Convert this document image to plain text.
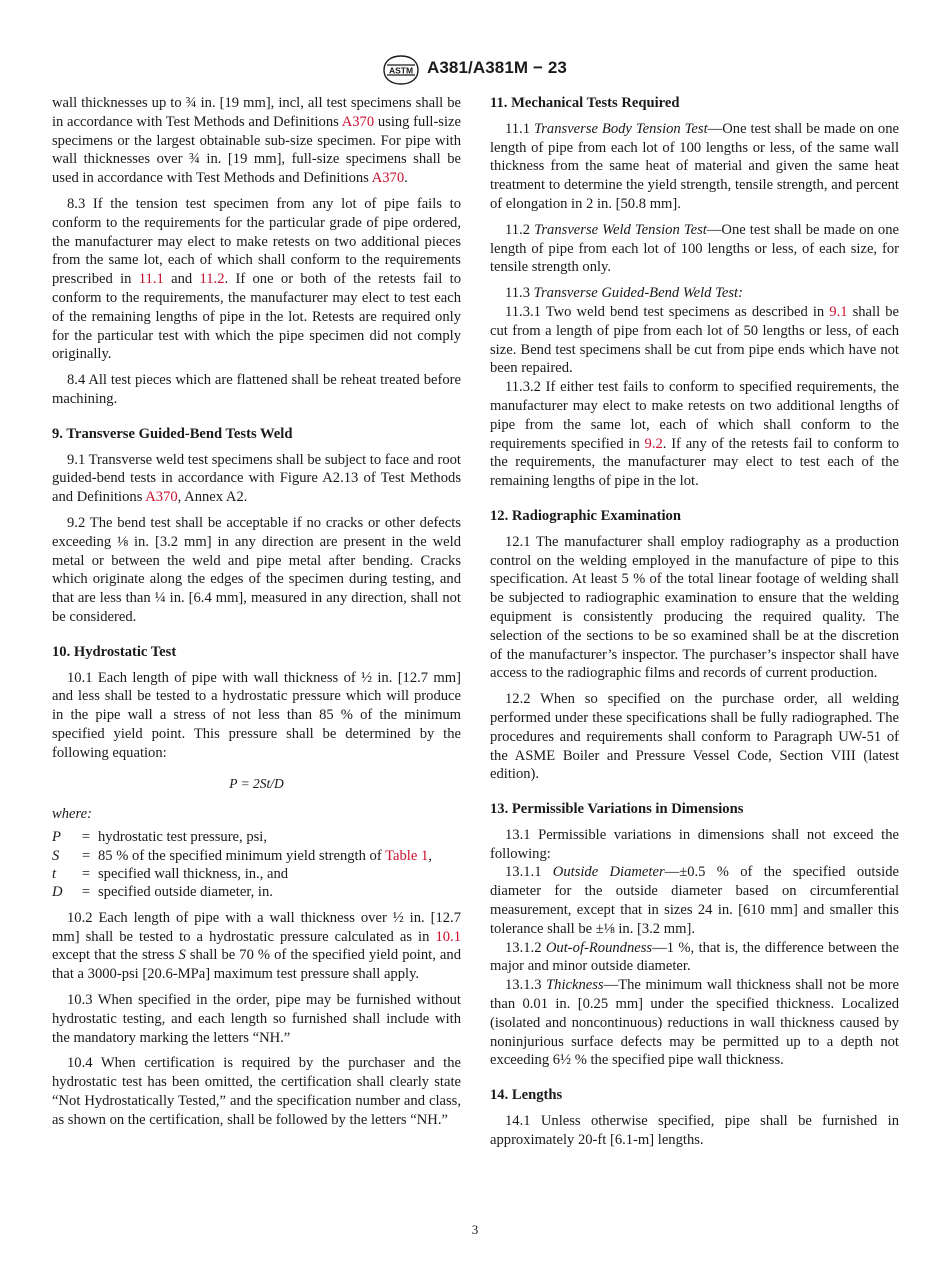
ASTM A381/A381M − 23

wall thicknesses up to ¾ in. [19 mm], incl, all test specimens shall be in accordance with Test Methods and Definitions A370 using full-size specimens or the largest obtainable sub-size specimen. For pipe with wall thicknesses over ¾ in. [19 mm], full-size specimens shall be used in accordance with Test Methods and Definitions A370.

8.3 If the tension test specimen from any lot of pipe fails to conform to the requirements for the particular grade of pipe ordered, the manufacturer may elect to make retests on two additional pieces from the same lot, each of which shall conform to the requirements prescribed in 11.1 and 11.2. If one or both of the retests fail to conform to the requirements, the manufacturer may elect to test each of the remaining lengths of pipe in the lot. Retests are required only for the particular test with which the pipe specimen did not comply originally.

8.4 All test pieces which are flattened shall be reheat treated before machining.

9. Transverse Guided-Bend Tests Weld

9.1 Transverse weld test specimens shall be subject to face and root guided-bend tests in accordance with Figure A2.13 of Test Methods and Definitions A370, Annex A2.

9.2 The bend test shall be acceptable if no cracks or other defects exceeding ⅛ in. [3.2 mm] in any direction are present in the weld metal or between the weld and pipe metal after bending. Cracks which originate along the edges of the specimen during testing, and that are less than ¼ in. [6.4 mm], measured in any direction, shall not be considered.

10. Hydrostatic Test

10.1 Each length of pipe with wall thickness of ½ in. [12.7 mm] and less shall be tested to a hydrostatic pressure which will produce in the pipe wall a stress of not less than 85 % of the minimum specified yield point. This pressure shall be determined by the following equation:

P = 2St/D
where:
P	=	hydrostatic test pressure, psi,
S	=	85 % of the specified minimum yield strength of Table 1,
t	=	specified wall thickness, in., and
D	=	specified outside diameter, in.

10.2 Each length of pipe with a wall thickness over ½ in. [12.7 mm] shall be tested to a hydrostatic pressure calculated as in 10.1 except that the stress S shall be 70 % of the specified yield point, and that a 3000-psi [20.6-MPa] maximum test pressure shall apply.

10.3 When specified in the order, pipe may be furnished without hydrostatic testing, and each length so furnished shall include with the mandatory marking the letters “NH.”

10.4 When certification is required by the purchaser and the hydrostatic test has been omitted, the certification shall clearly state “Not Hydrostatically Tested,” and the specification number and class, as shown on the certification, shall be followed by the letters “NH.”

11. Mechanical Tests Required

11.1 Transverse Body Tension Test—One test shall be made on one length of pipe from each lot of 100 lengths or less, of the same wall thickness from the same heat of material and given the same heat treatment to determine the yield strength, tensile strength, and percent of elongation in 2 in. [50.8 mm].

11.2 Transverse Weld Tension Test—One test shall be made on one length of pipe from each lot of 100 lengths or less, of each size, for tensile strength only.

11.3 Transverse Guided-Bend Weld Test:

11.3.1 Two weld bend test specimens as described in 9.1 shall be cut from a length of pipe from each lot of 50 lengths or less, of each size. Bend test specimens shall be cut from pipe ends which have not been repaired.

11.3.2 If either test fails to conform to specified requirements, the manufacturer may elect to make retests on two additional lengths of pipe from the same lot, each of which shall conform to the requirements specified in 9.2. If any of the retests fail to conform to the requirements, the manufacturer may elect to test each of the remaining lengths of pipe in the lot.

12. Radiographic Examination

12.1 The manufacturer shall employ radiography as a production control on the welding employed in the manufacture of pipe to this specification. At least 5 % of the total linear footage of welding shall be subjected to radiographic examination to ensure that the welding equipment is consistently producing the required quality. The selection of the sections to be so examined shall be at the discretion of the manufacturer’s inspector. The purchaser’s inspector shall have access to the radiographic films and records of current production.

12.2 When so specified on the purchase order, all welding performed under these specifications shall be fully radiographed. The procedures and requirements shall conform to Paragraph UW-51 of the ASME Boiler and Pressure Vessel Code, Section VIII (latest edition).

13. Permissible Variations in Dimensions

13.1 Permissible variations in dimensions shall not exceed the following:

13.1.1 Outside Diameter—±0.5 % of the specified outside diameter for the outside diameter based on circumferential measurement, except that in sizes 24 in. [610 mm] and smaller this tolerance shall be ±⅛ in. [3.2 mm].

13.1.2 Out-of-Roundness—1 %, that is, the difference between the major and minor outside diameter.

13.1.3 Thickness—The minimum wall thickness shall not be more than 0.01 in. [0.25 mm] under the specified thickness. Localized (isolated and noncontinuous) reductions in wall thickness caused by noninjurious surface defects may be permitted up to a depth not exceeding 6½ % the specified pipe wall thickness.

14. Lengths

14.1 Unless otherwise specified, pipe shall be furnished in approximately 20-ft [6.1-m] lengths.

3
